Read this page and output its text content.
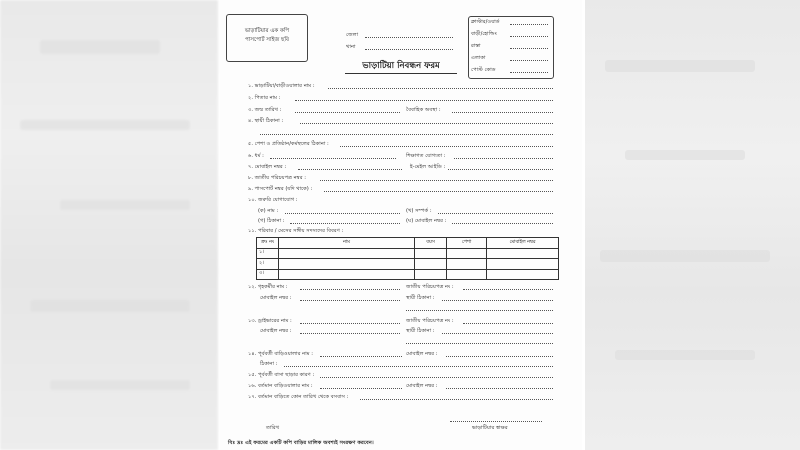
ভাড়াটিয়ার এক কপি
পাসপোর্ট সাইজ ছবি
জেলা
থানা
ক্লাস্টার/ওয়ার্ড
বাড়ী/হোল্ডিং
রাস্তা
এলাকা
পোস্ট কোড
ভাড়াটিয়া নিবন্ধন ফরম
১. ভাড়াটিয়া/বাড়ীওয়ালার নাম :
২. পিতার নাম :
৩. জন্ম তারিখ :	বৈবাহিক অবস্থা :
৪. স্থায়ী ঠিকানা :
৫. পেশা ও প্রতিষ্ঠান/কর্মস্থলের ঠিকানা :
৬. ধর্ম :	শিক্ষাগত যোগ্যতা :
৭. মোবাইল নম্বর :	ই-মেইল আইডি :
৮. জাতীয় পরিচয়পত্র নম্বর :
৯. পাসপোর্ট নম্বর (যদি থাকে) :
১০. জরুরি যোগাযোগ :
(ক) নাম :	(খ) সম্পর্ক :
(গ) ঠিকানা :	(ঘ) মোবাইল নম্বর :
১১. পরিবার / মেসের সঙ্গীয় সদস্যদের বিবরণ :
ক্রঃ নং	নাম	বয়স	পেশা	মোবাইল নম্বর
১।				
২।				
৩।				
১২. গৃহকর্মীর নাম :	জাতীয় পরিচয়পত্র নং :
মোবাইল নম্বর :	স্থায়ী ঠিকানা :
১৩. ড্রাইভারের নাম :	জাতীয় পরিচয়পত্র নং :
মোবাইল নম্বর :	স্থায়ী ঠিকানা :
১৪. পূর্ববর্তী বাড়িওয়ালার নাম :	মোবাইল নম্বর :
ঠিকানা :
১৫. পূর্ববর্তী বাসা ছাড়ার কারণ :
১৬. বর্তমান বাড়িওয়ালার নাম :	মোবাইল নম্বর :
১৭. বর্তমান বাড়িতে কোন তারিখ থেকে বসবাস :
তারিখ	ভাড়াটিয়ার স্বাক্ষর
বিঃ দ্রঃ এই ফরমের একটি কপি বাড়ির মালিক অবশ্যই সংরক্ষণ করবেন।
